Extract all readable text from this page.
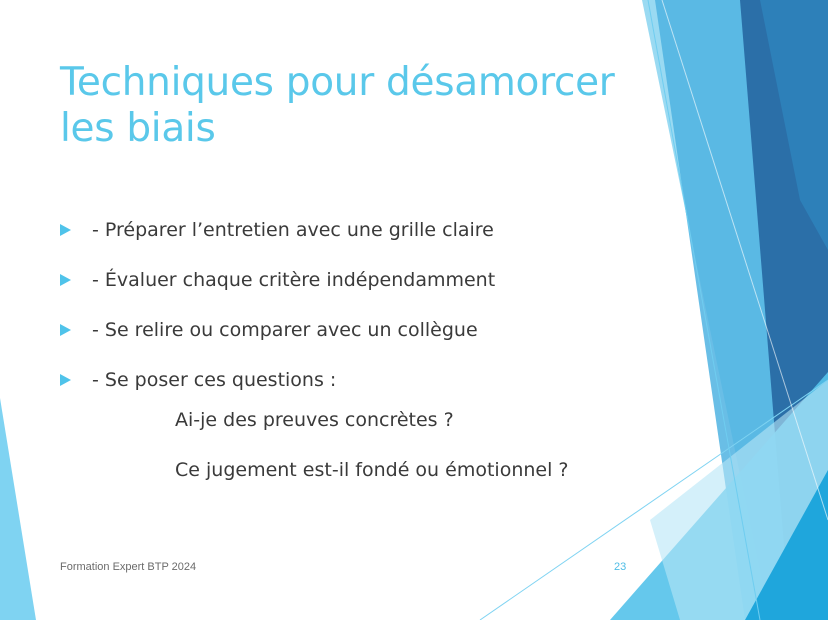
Techniques pour désamorcer les biais
- Préparer l’entretien avec une grille claire
- Évaluer chaque critère indépendamment
- Se relire ou comparer avec un collègue
- Se poser ces questions :
Ai-je des preuves concrètes ?
Ce jugement est-il fondé ou émotionnel ?
Formation Expert BTP 2024	23
